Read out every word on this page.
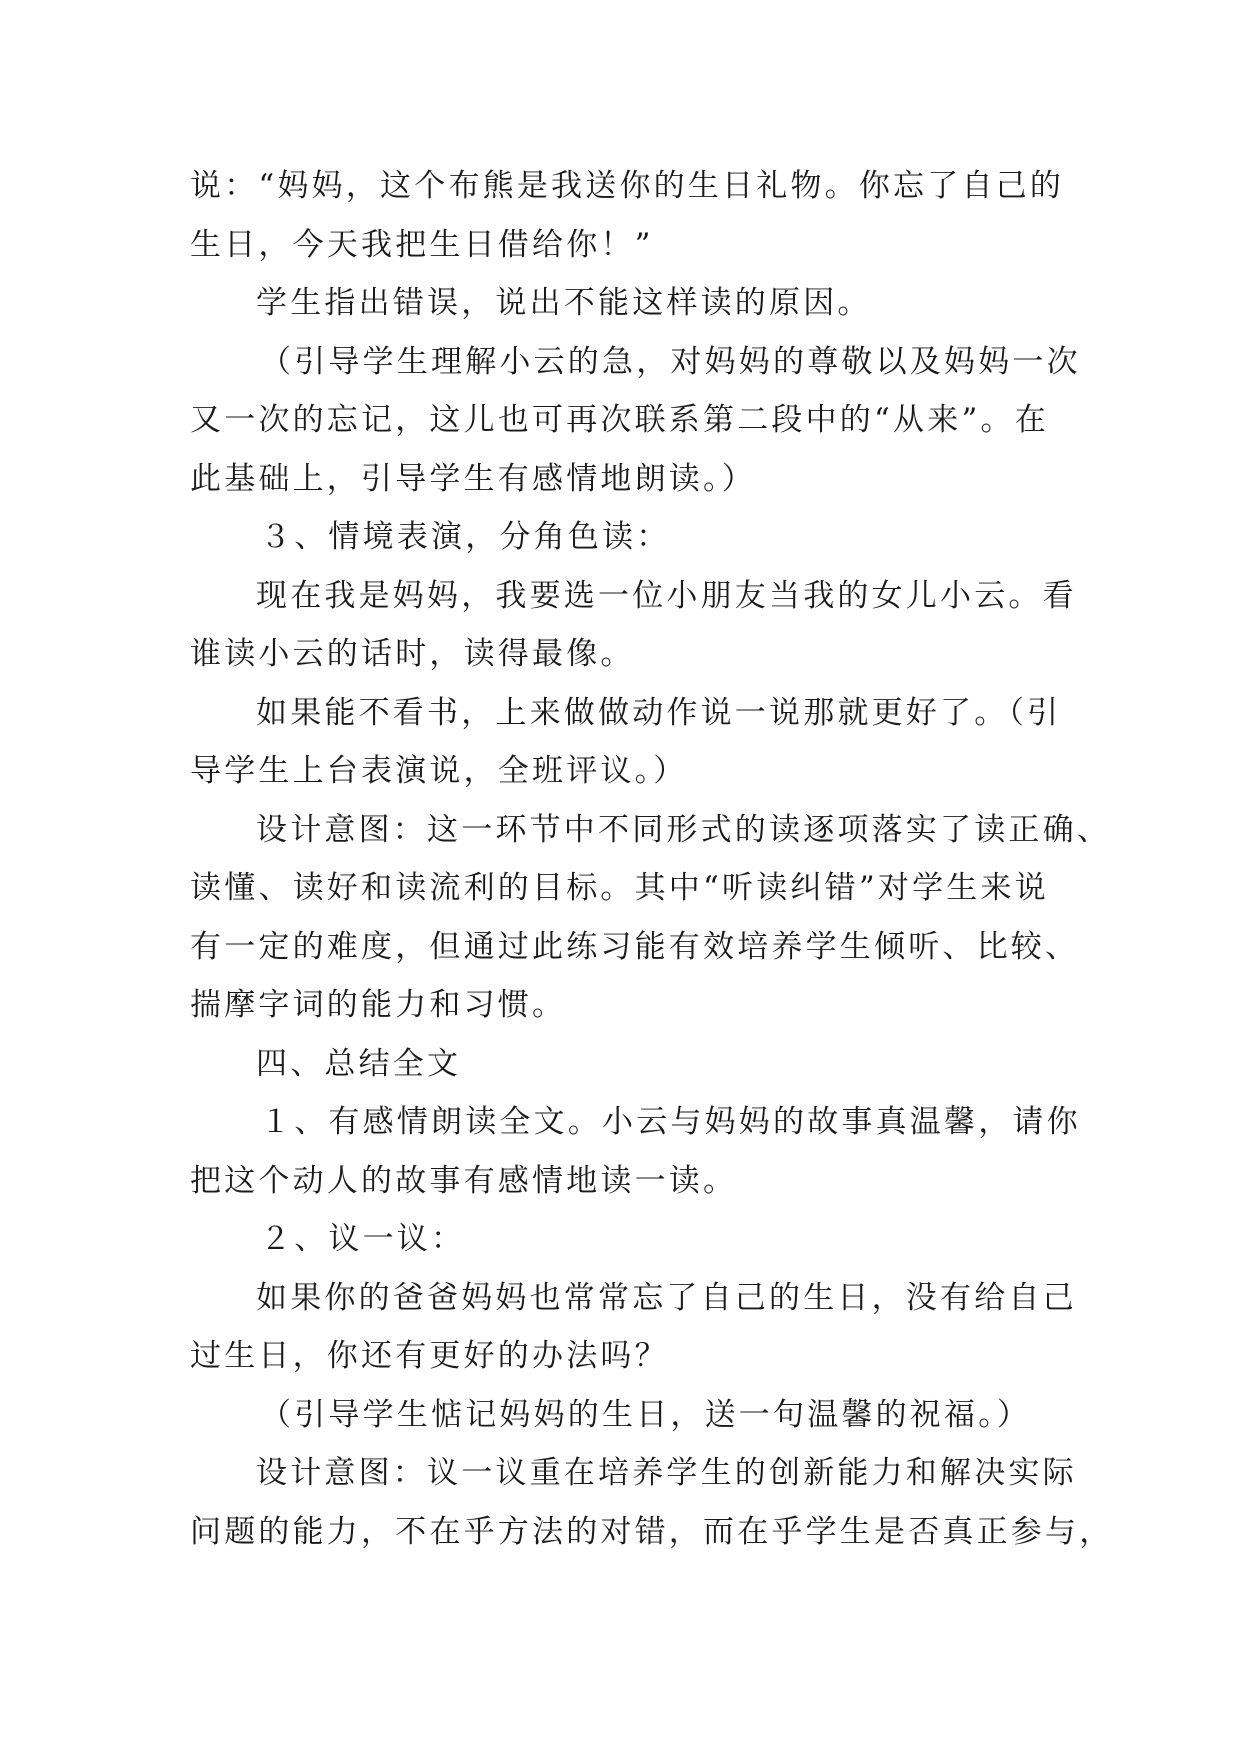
说：“妈妈，这个布熊是我送你的生日礼物。你忘了自己的
生日，今天我把生日借给你！”
学生指出错误，说出不能这样读的原因。
（引导学生理解小云的急，对妈妈的尊敬以及妈妈一次
又一次的忘记，这儿也可再次联系第二段中的“从来”。在
此基础上，引导学生有感情地朗读。）
３、情境表演，分角色读：
现在我是妈妈，我要选一位小朋友当我的女儿小云。看
谁读小云的话时，读得最像。
如果能不看书，上来做做动作说一说那就更好了。（引
导学生上台表演说，全班评议。）
设计意图：这一环节中不同形式的读逐项落实了读正确、
读懂、读好和读流利的目标。其中“听读纠错”对学生来说
有一定的难度，但通过此练习能有效培养学生倾听、比较、
揣摩字词的能力和习惯。
四、总结全文
１、有感情朗读全文。小云与妈妈的故事真温馨，请你
把这个动人的故事有感情地读一读。
２、议一议：
如果你的爸爸妈妈也常常忘了自己的生日，没有给自己
过生日，你还有更好的办法吗？
（引导学生惦记妈妈的生日，送一句温馨的祝福。）
设计意图：议一议重在培养学生的创新能力和解决实际
问题的能力，不在乎方法的对错，而在乎学生是否真正参与，
